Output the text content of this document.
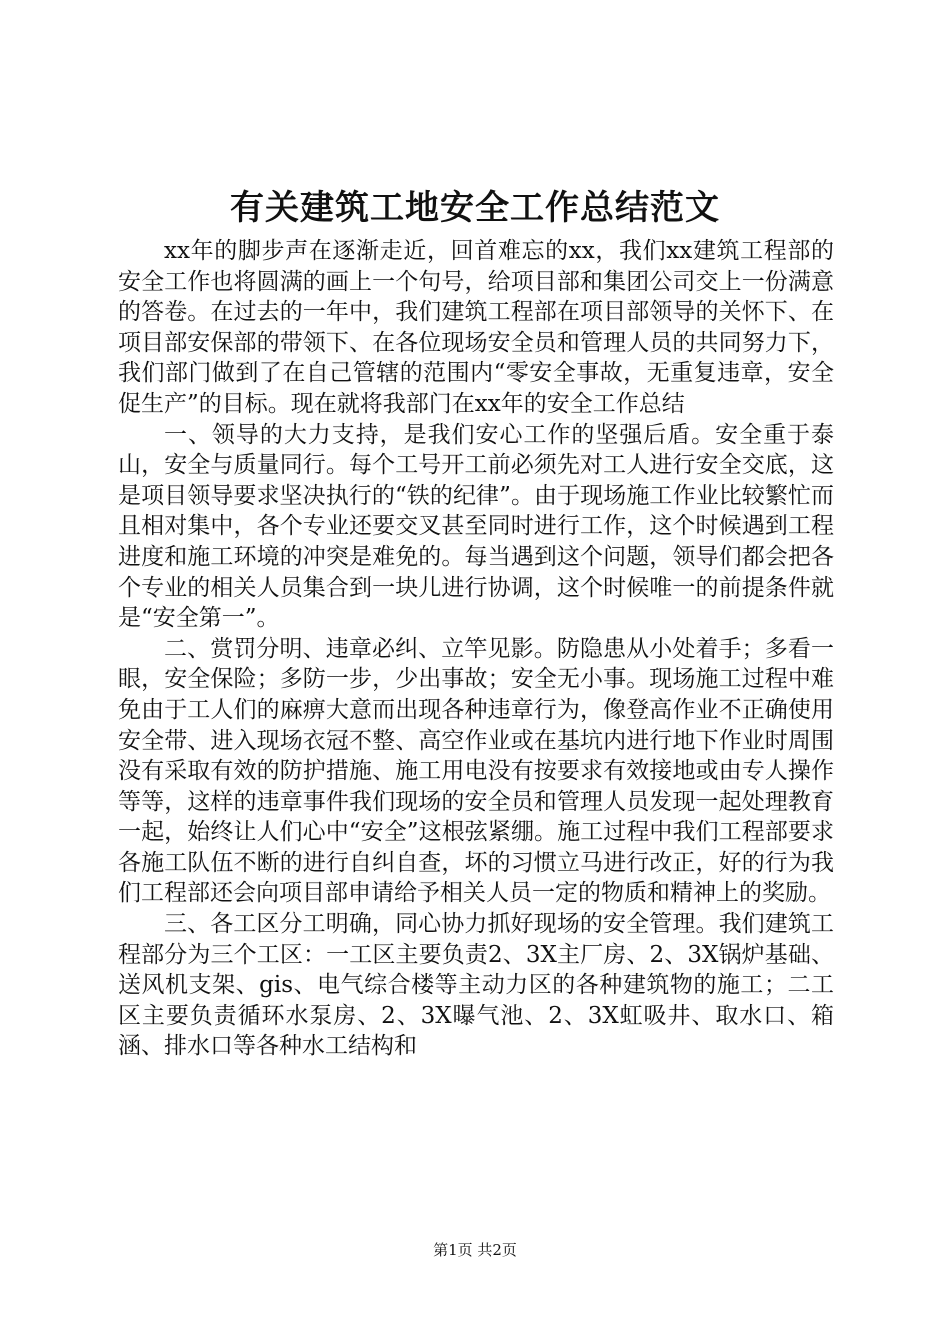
有关建筑工地安全工作总结范文

xx年的脚步声在逐渐走近，回首难忘的xx，我们xx建筑工程部的安全工作也将圆满的画上一个句号，给项目部和集团公司交上一份满意的答卷。在过去的一年中，我们建筑工程部在项目部领导的关怀下、在项目部安保部的带领下、在各位现场安全员和管理人员的共同努力下，我们部门做到了在自己管辖的范围内“零安全事故，无重复违章，安全促生产”的目标。现在就将我部门在xx年的安全工作总结

一、领导的大力支持，是我们安心工作的坚强后盾。安全重于泰山，安全与质量同行。每个工号开工前必须先对工人进行安全交底，这是项目领导要求坚决执行的“铁的纪律”。由于现场施工作业比较繁忙而且相对集中，各个专业还要交叉甚至同时进行工作，这个时候遇到工程进度和施工环境的冲突是难免的。每当遇到这个问题，领导们都会把各个专业的相关人员集合到一块儿进行协调，这个时候唯一的前提条件就是“安全第一”。

二、赏罚分明、违章必纠、立竿见影。防隐患从小处着手；多看一眼，安全保险；多防一步，少出事故；安全无小事。现场施工过程中难免由于工人们的麻痹大意而出现各种违章行为，像登高作业不正确使用安全带、进入现场衣冠不整、高空作业或在基坑内进行地下作业时周围没有采取有效的防护措施、施工用电没有按要求有效接地或由专人操作等等，这样的违章事件我们现场的安全员和管理人员发现一起处理教育一起，始终让人们心中“安全”这根弦紧绷。施工过程中我们工程部要求各施工队伍不断的进行自纠自查，坏的习惯立马进行改正，好的行为我们工程部还会向项目部申请给予相关人员一定的物质和精神上的奖励。

三、各工区分工明确，同心协力抓好现场的安全管理。我们建筑工程部分为三个工区：一工区主要负责2、3X主厂房、2、3X锅炉基础、送风机支架、gis、电气综合楼等主动力区的各种建筑物的施工；二工区主要负责循环水泵房、2、3X曝气池、2、3X虹吸井、取水口、箱涵、排水口等各种水工结构和

第1页 共2页
